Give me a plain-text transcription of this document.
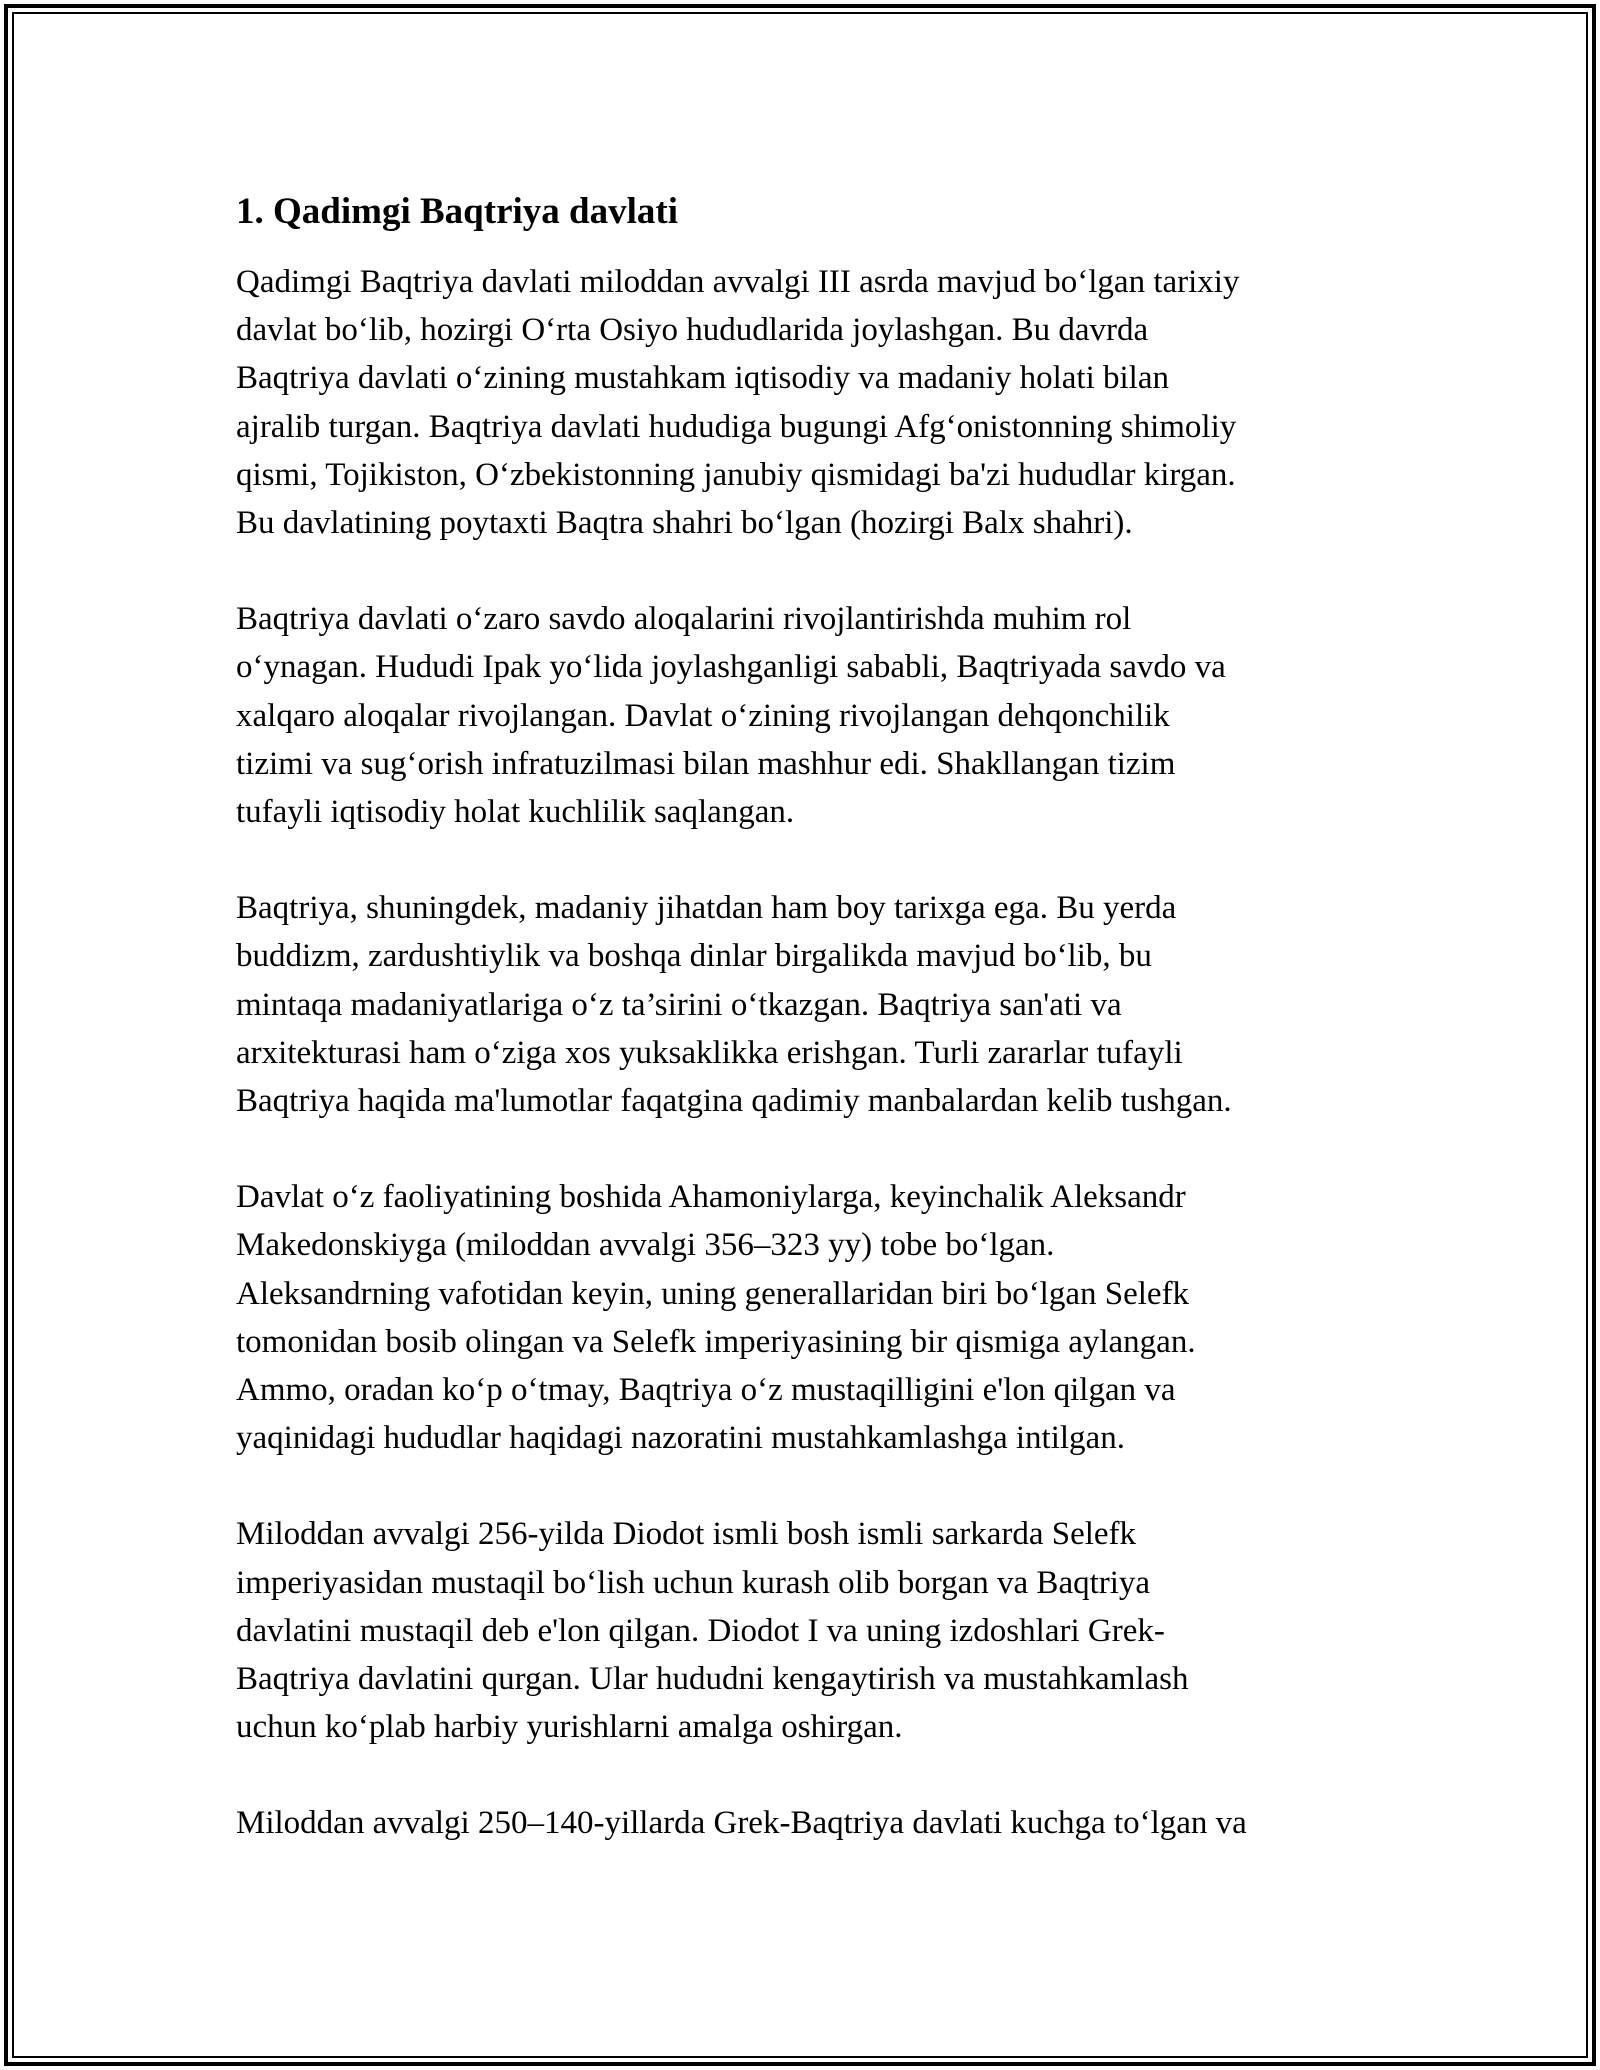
1. Qadimgi Baqtriya davlati

Qadimgi Baqtriya davlati miloddan avvalgi III asrda mavjud bo‘lgan tarixiy
davlat bo‘lib, hozirgi O‘rta Osiyo hududlarida joylashgan. Bu davrda
Baqtriya davlati o‘zining mustahkam iqtisodiy va madaniy holati bilan
ajralib turgan. Baqtriya davlati hududiga bugungi Afg‘onistonning shimoliy
qismi, Tojikiston, O‘zbekistonning janubiy qismidagi ba'zi hududlar kirgan.
Bu davlatining poytaxti Baqtra shahri bo‘lgan (hozirgi Balx shahri).

Baqtriya davlati o‘zaro savdo aloqalarini rivojlantirishda muhim rol
o‘ynagan. Hududi Ipak yo‘lida joylashganligi sababli, Baqtriyada savdo va
xalqaro aloqalar rivojlangan. Davlat o‘zining rivojlangan dehqonchilik
tizimi va sug‘orish infratuzilmasi bilan mashhur edi. Shakllangan tizim
tufayli iqtisodiy holat kuchlilik saqlangan.

Baqtriya, shuningdek, madaniy jihatdan ham boy tarixga ega. Bu yerda
buddizm, zardushtiylik va boshqa dinlar birgalikda mavjud bo‘lib, bu
mintaqa madaniyatlariga o‘z ta’sirini o‘tkazgan. Baqtriya san'ati va
arxitekturasi ham o‘ziga xos yuksaklikka erishgan. Turli zararlar tufayli
Baqtriya haqida ma'lumotlar faqatgina qadimiy manbalardan kelib tushgan.

Davlat o‘z faoliyatining boshida Ahamoniylarga, keyinchalik Aleksandr
Makedonskiyga (miloddan avvalgi 356–323 yy) tobe bo‘lgan.
Aleksandrning vafotidan keyin, uning generallaridan biri bo‘lgan Selefk
tomonidan bosib olingan va Selefk imperiyasining bir qismiga aylangan.
Ammo, oradan ko‘p o‘tmay, Baqtriya o‘z mustaqilligini e'lon qilgan va
yaqinidagi hududlar haqidagi nazoratini mustahkamlashga intilgan.

Miloddan avvalgi 256-yilda Diodot ismli bosh ismli sarkarda Selefk
imperiyasidan mustaqil bo‘lish uchun kurash olib borgan va Baqtriya
davlatini mustaqil deb e'lon qilgan. Diodot I va uning izdoshlari Grek-
Baqtriya davlatini qurgan. Ular hududni kengaytirish va mustahkamlash
uchun ko‘plab harbiy yurishlarni amalga oshirgan.

Miloddan avvalgi 250–140-yillarda Grek-Baqtriya davlati kuchga to‘lgan va
